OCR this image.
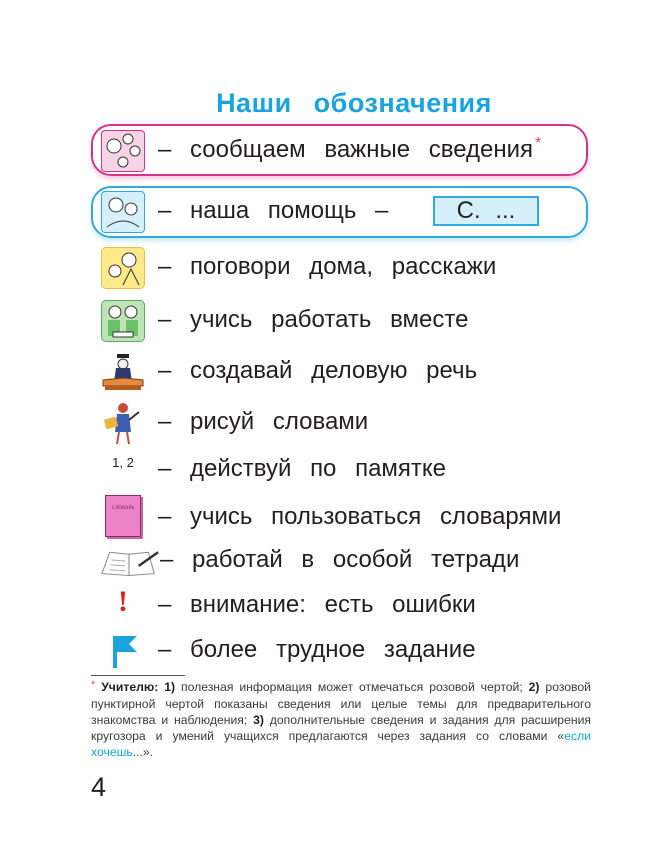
Наши обозначения
– сообщаем важные сведения *
– наша помощь –	С. ...
– поговори дома, расскажи
– учись работать вместе
– создавай деловую речь
– рисуй словами
1, 2 – действуй по памятке
СЛОВАРЬ – учись пользоваться словарями
– работай в особой тетради
! – внимание: есть ошибки
– более трудное задание
* Учителю: 1) полезная информация может отмечаться розовой чертой; 2) розовой пунктирной чертой показаны сведения или целые темы для предварительного знакомства и наблюдения; 3) дополнительные сведения и задания для расширения кругозора и умений учащихся предлагаются через задания со словами «если хочешь...».
4
